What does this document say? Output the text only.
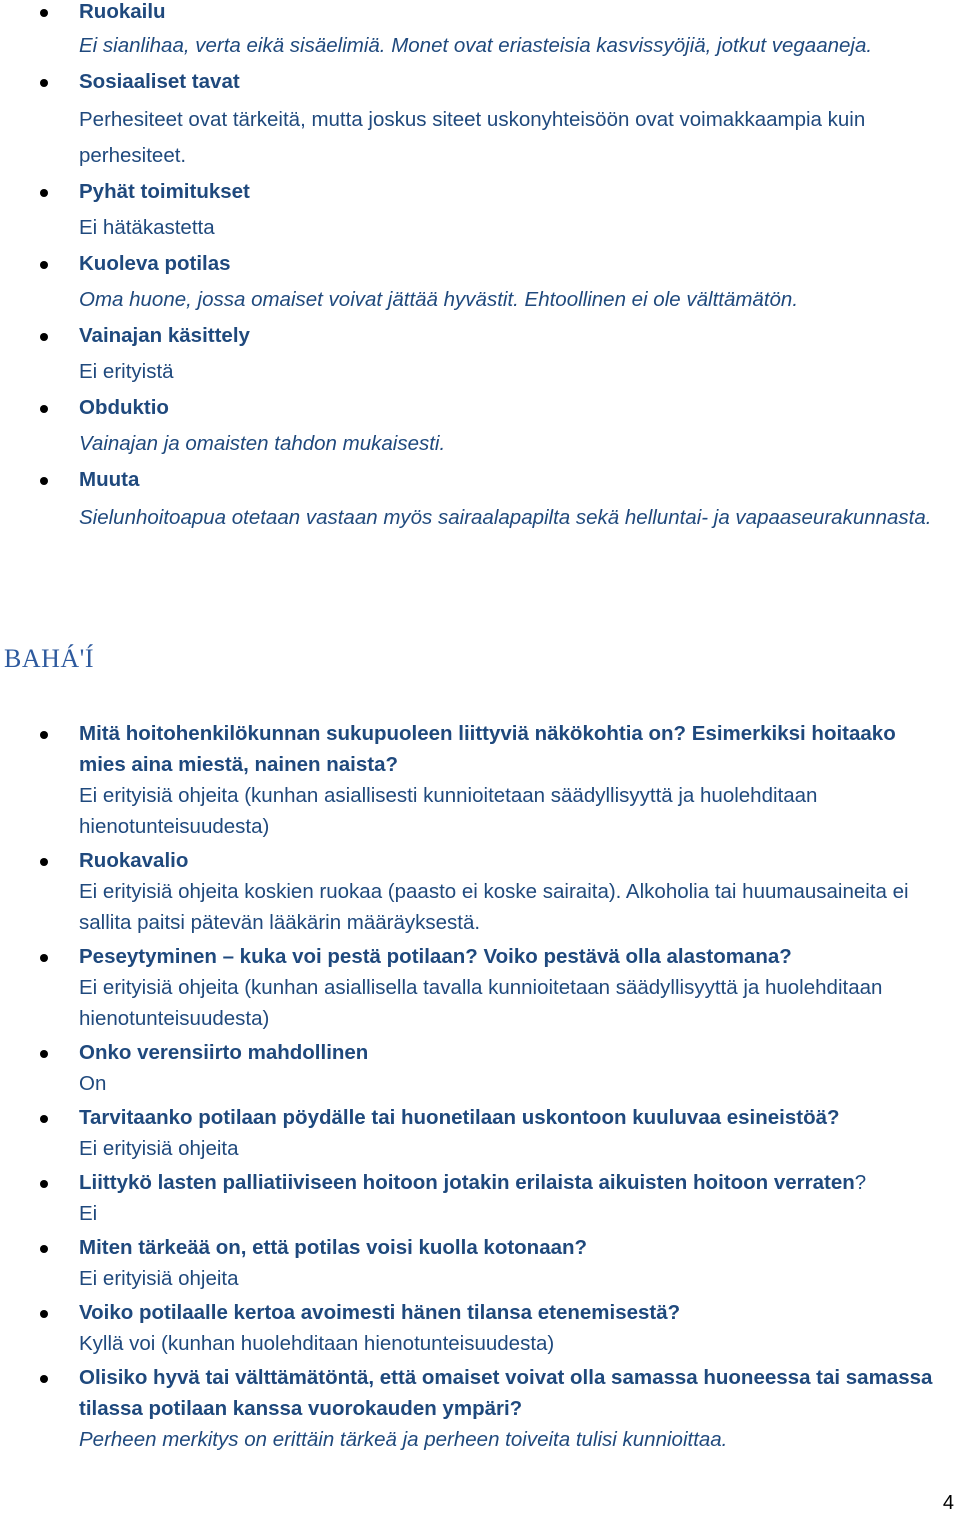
Ruokailu
Ei sianlihaa, verta eikä sisäelimiä. Monet ovat eriasteisia kasvissyöjiä, jotkut vegaaneja.
Sosiaaliset tavat
Perhesiteet ovat tärkeitä, mutta joskus siteet uskonyhteisöön ovat voimakkaampia kuin perhesiteet.
Pyhät toimitukset
Ei hätäkastetta
Kuoleva potilas
Oma huone, jossa omaiset voivat jättää hyvästit. Ehtoollinen ei ole välttämätön.
Vainajan käsittely
Ei erityistä
Obduktio
Vainajan ja omaisten tahdon mukaisesti.
Muuta
Sielunhoitoapua otetaan vastaan myös sairaalapapilta sekä helluntai- ja vapaaseurakunnasta.
BAHÁ'Í
Mitä hoitohenkilökunnan sukupuoleen liittyviä näkökohtia on? Esimerkiksi hoitaako mies aina miestä, nainen naista?
Ei erityisiä ohjeita (kunhan asiallisesti kunnioitetaan säädyllisyyttä ja huolehditaan hienotunteisuudesta)
Ruokavalio
Ei erityisiä ohjeita koskien ruokaa (paasto ei koske sairaita). Alkoholia tai huumausaineita ei sallita paitsi pätevän lääkärin määräyksestä.
Peseytyminen – kuka voi pestä potilaan? Voiko pestävä olla alastomana?
Ei erityisiä ohjeita (kunhan asiallisella tavalla kunnioitetaan säädyllisyyttä ja huolehditaan hienotunteisuudesta)
Onko verensiirto mahdollinen
On
Tarvitaanko potilaan pöydälle tai huonetilaan uskontoon kuuluvaa esineistöä?
Ei erityisiä ohjeita
Liittykö lasten palliatiiviseen hoitoon jotakin erilaista aikuisten hoitoon verraten?
Ei
Miten tärkeää on, että potilas voisi kuolla kotonaan?
Ei erityisiä ohjeita
Voiko potilaalle kertoa avoimesti hänen tilansa etenemisestä?
Kyllä voi (kunhan huolehditaan hienotunteisuudesta)
Olisiko hyvä tai välttämätöntä, että omaiset voivat olla samassa huoneessa tai samassa tilassa potilaan kanssa vuorokauden ympäri?
Perheen merkitys on erittäin tärkeä ja perheen toiveita tulisi kunnioittaa.
4
